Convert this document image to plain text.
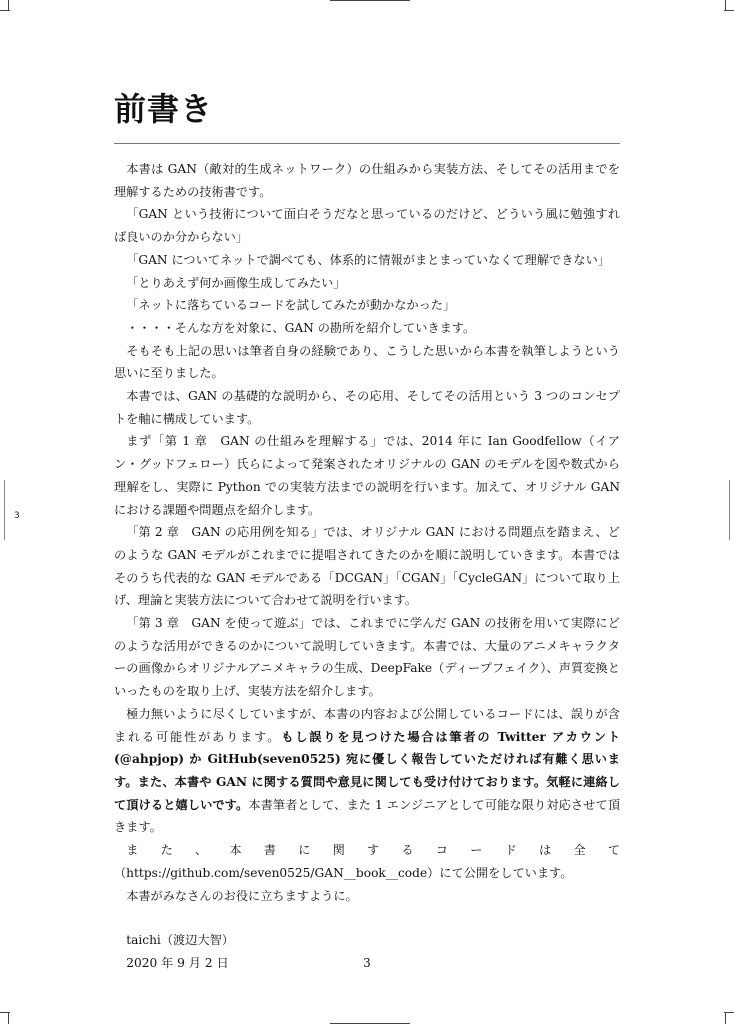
3
前書き

本書は GAN（敵対的生成ネットワーク）の仕組みから実装方法、そしてその活用までを理解するための技術書です。

「GAN という技術について面白そうだなと思っているのだけど、どういう風に勉強すれば良いのか分からない」

「GAN についてネットで調べても、体系的に情報がまとまっていなくて理解できない」

「とりあえず何か画像生成してみたい」

「ネットに落ちているコードを試してみたが動かなかった」

・・・・そんな方を対象に、GAN の勘所を紹介していきます。

そもそも上記の思いは筆者自身の経験であり、こうした思いから本書を執筆しようという思いに至りました。

本書では、GAN の基礎的な説明から、その応用、そしてその活用という 3 つのコンセプトを軸に構成しています。

まず「第 1 章　GAN の仕組みを理解する」では、2014 年に Ian Goodfellow（イアン・グッドフェロー）氏らによって発案されたオリジナルの GAN のモデルを図や数式から理解をし、実際に Python での実装方法までの説明を行います。加えて、オリジナル GAN における課題や問題点を紹介します。

「第 2 章　GAN の応用例を知る」では、オリジナル GAN における問題点を踏まえ、どのような GAN モデルがこれまでに提唱されてきたのかを順に説明していきます。本書ではそのうち代表的な GAN モデルである「DCGAN」「CGAN」「CycleGAN」について取り上げ、理論と実装方法について合わせて説明を行います。

「第 3 章　GAN を使って遊ぶ」では、これまでに学んだ GAN の技術を用いて実際にどのような活用ができるのかについて説明していきます。本書では、大量のアニメキャラクターの画像からオリジナルアニメキャラの生成、DeepFake（ディープフェイク）、声質変換といったものを取り上げ、実装方法を紹介します。

極力無いように尽くしていますが、本書の内容および公開しているコードには、誤りが含まれる可能性があります。もし誤りを見つけた場合は筆者の Twitter アカウント (@ahpjop) か GitHub(seven0525) 宛に優しく報告していただければ有難く思います。また、本書や GAN に関する質問や意見に関しても受け付けております。気軽に連絡して頂けると嬉しいです。本書筆者として、また 1 エンジニアとして可能な限り対応させて頂きます。

また、本書に関するコードは全て（https://github.com/seven0525/GAN__book__code）にて公開をしています。

本書がみなさんのお役に立ちますように。

taichi（渡辺大智）

2020 年 9 月 2 日	3
